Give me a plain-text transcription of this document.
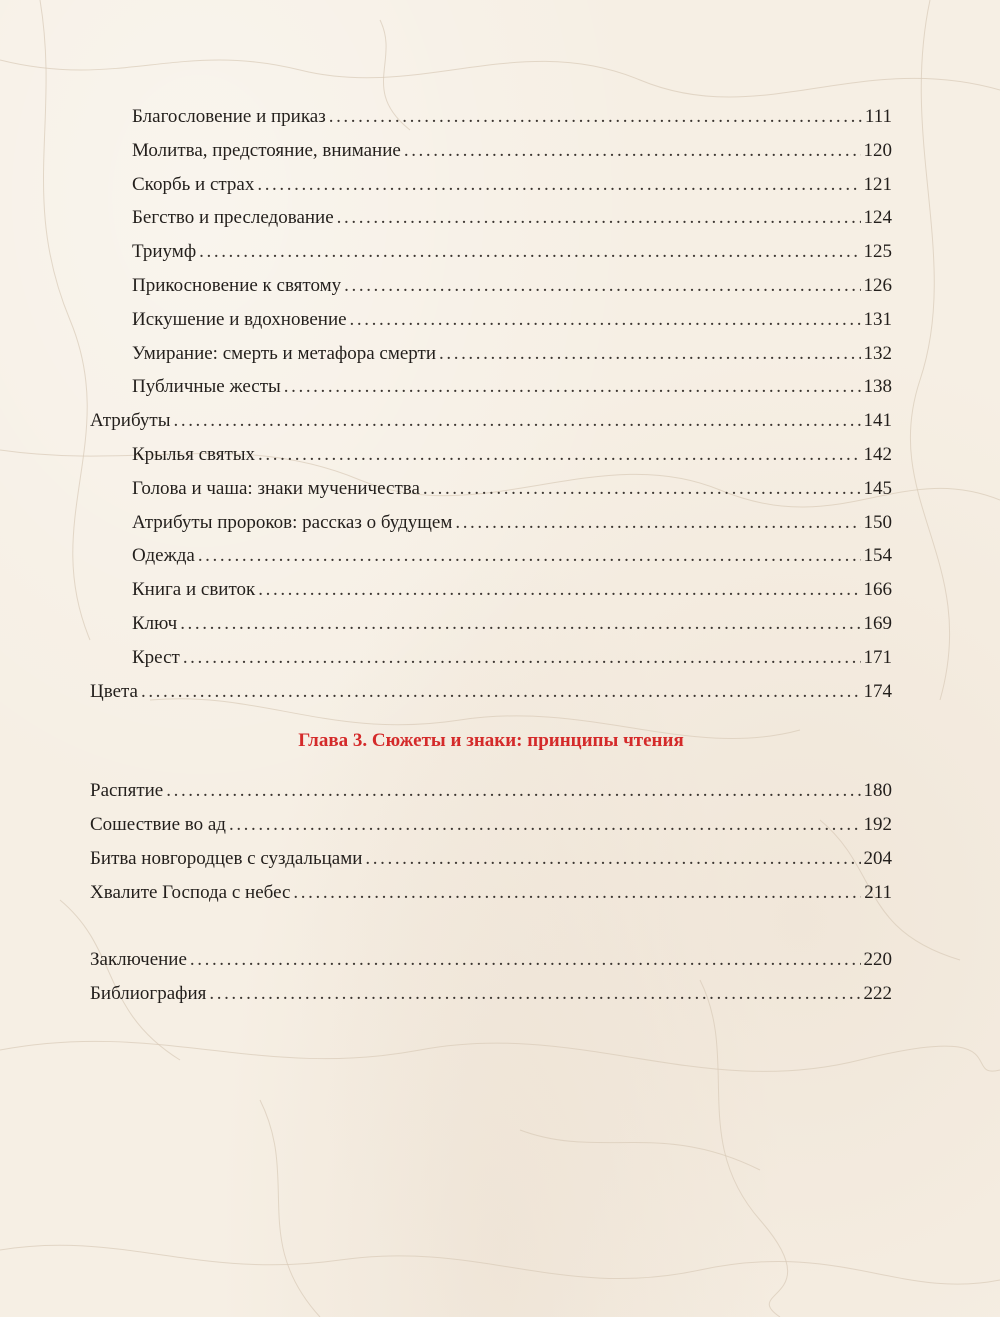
Благословение и приказ .....	111
Молитва, предстояние, внимание .....	120
Скорбь и страх .....	121
Бегство и преследование .....	124
Триумф .....	125
Прикосновение к святому .....	126
Искушение и вдохновение .....	131
Умирание: смерть и метафора смерти .....	132
Публичные жесты .....	138
Атрибуты .....	141
Крылья святых .....	142
Голова и чаша: знаки мученичества .....	145
Атрибуты пророков: рассказ о будущем .....	150
Одежда .....	154
Книга и свиток .....	166
Ключ .....	169
Крест .....	171
Цвета .....	174
Глава 3. Сюжеты и знаки: принципы чтения
Распятие .....	180
Сошествие во ад .....	192
Битва новгородцев с суздальцами .....	204
Хвалите Господа с небес .....	211
Заключение .....	220
Библиография .....	222
